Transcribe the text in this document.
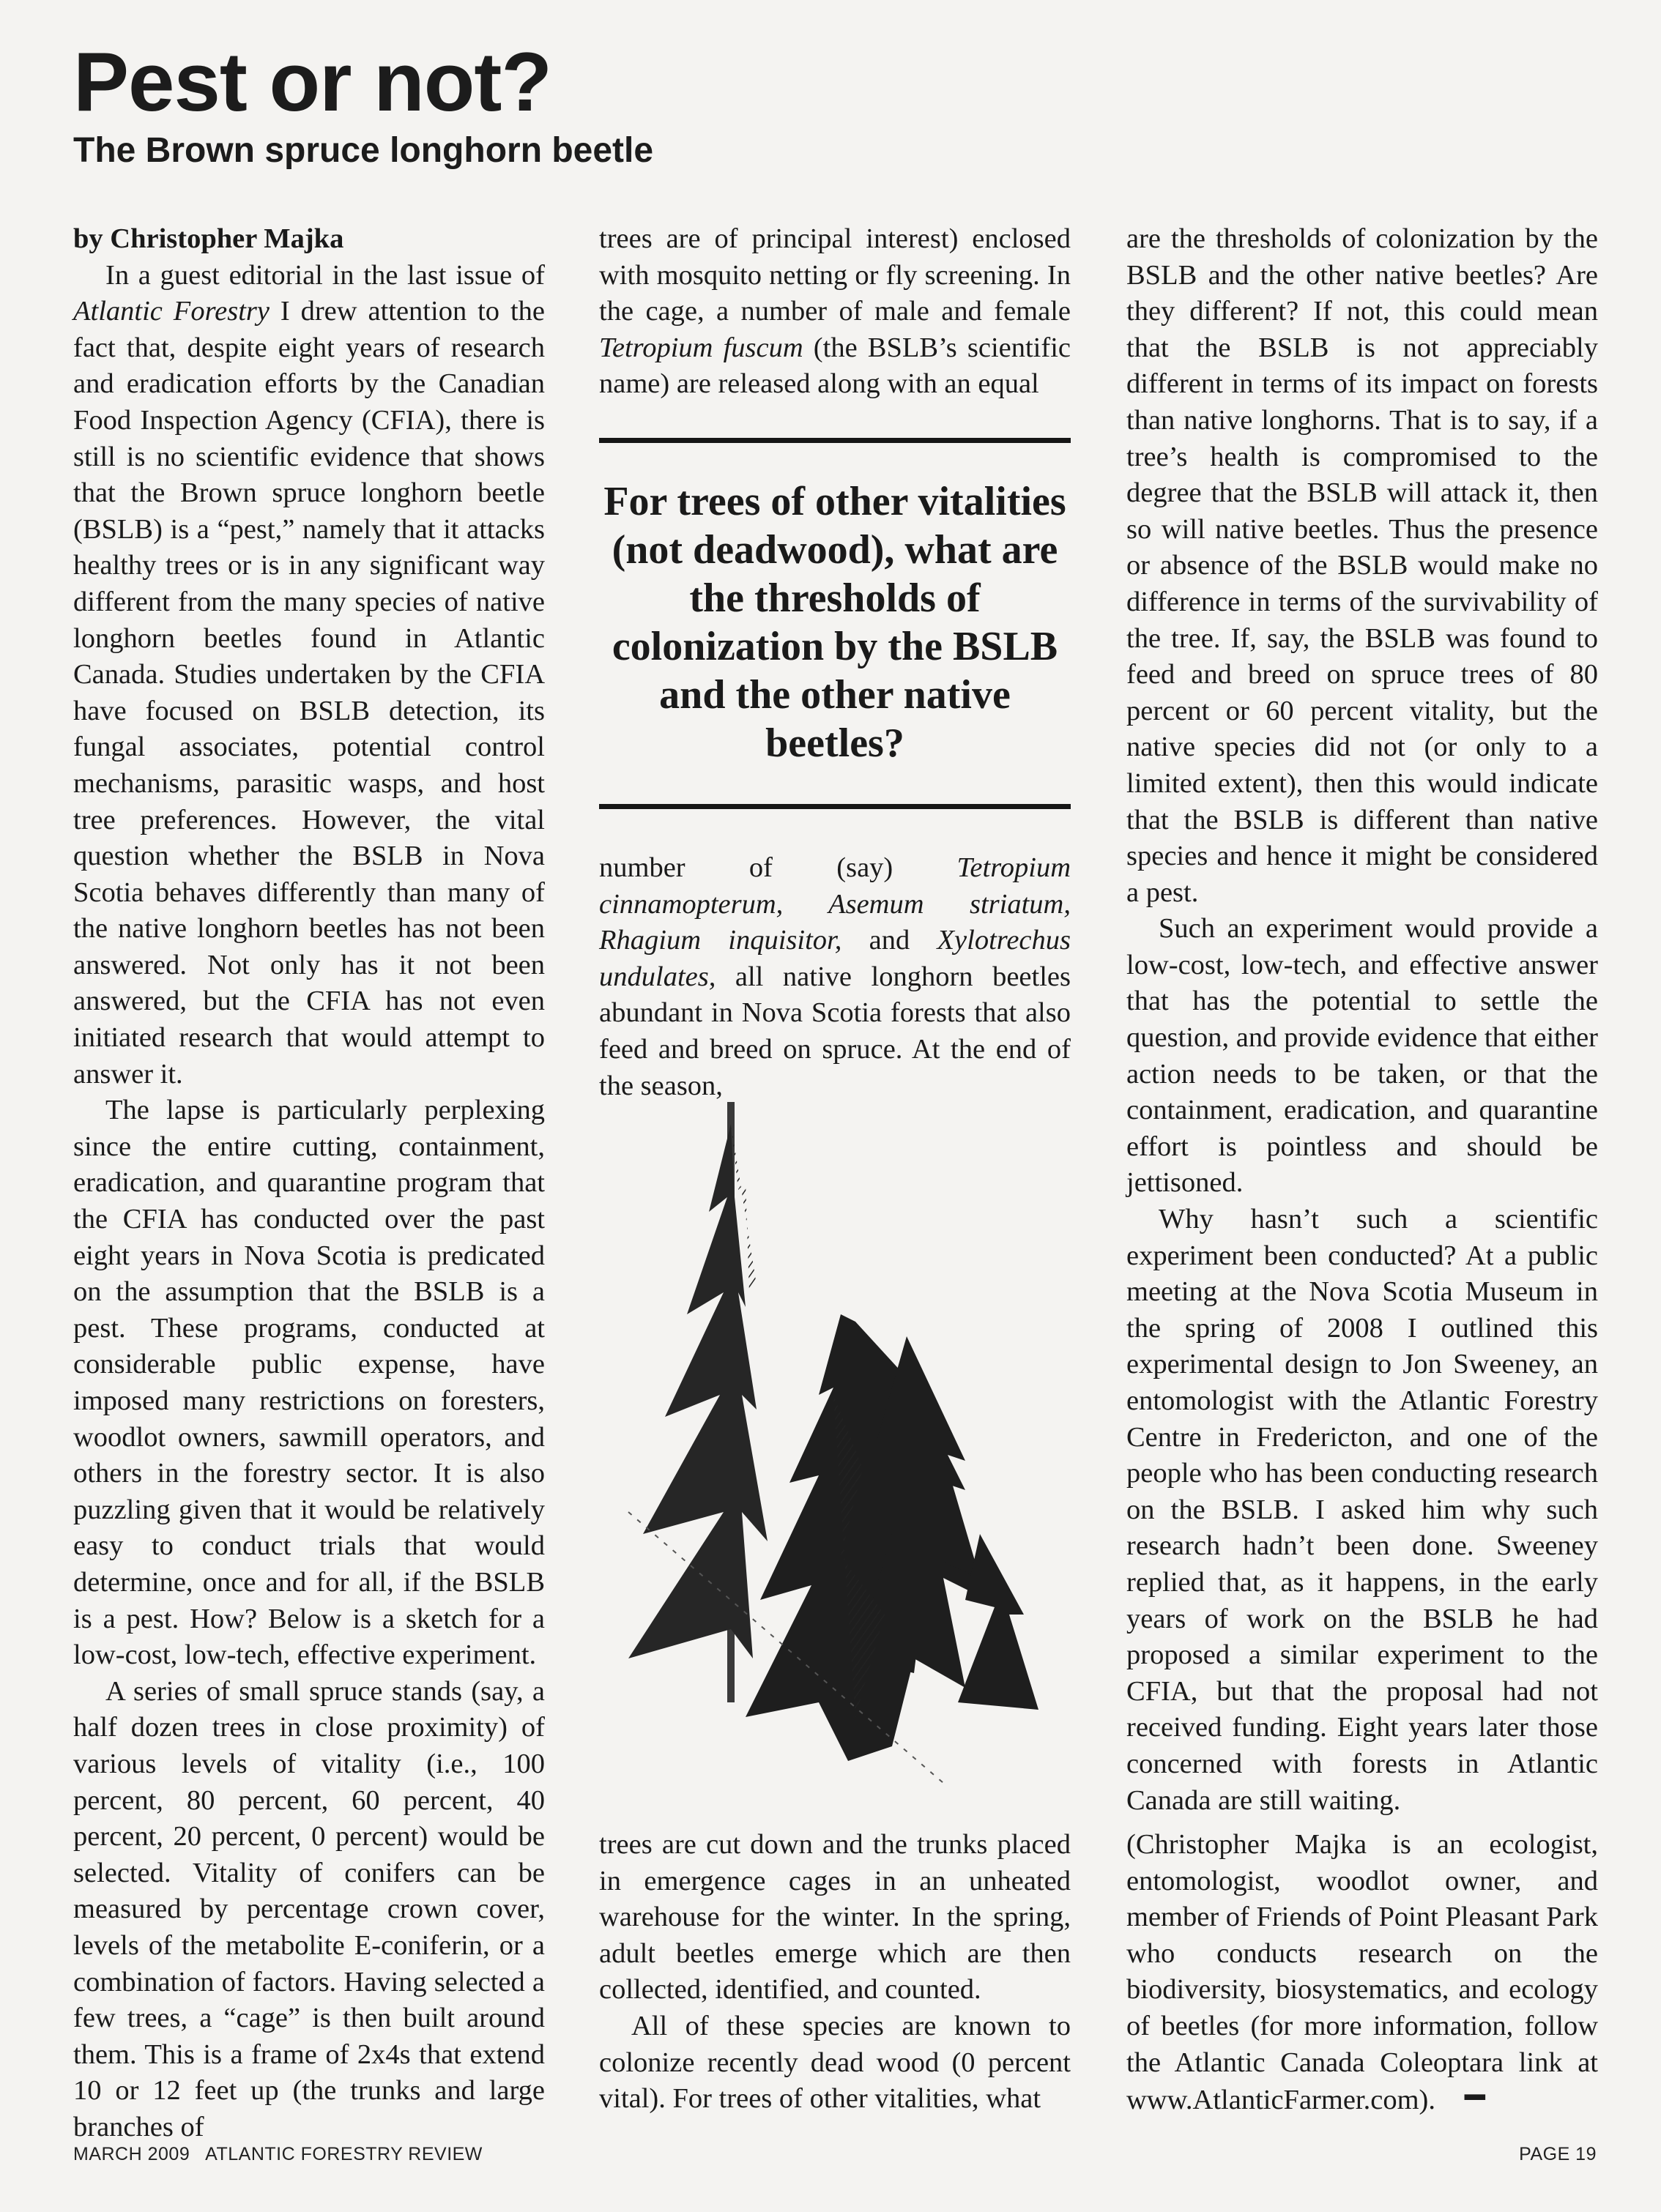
Pest or not?
The Brown spruce longhorn beetle

by Christopher Majka

In a guest editorial in the last issue of Atlantic Forestry I drew attention to the fact that, despite eight years of research and eradication efforts by the Canadian Food Inspection Agency (CFIA), there is still is no scientific evidence that shows that the Brown spruce longhorn beetle (BSLB) is a “pest,” namely that it attacks healthy trees or is in any significant way different from the many species of native longhorn beetles found in Atlantic Canada. Studies undertaken by the CFIA have focused on BSLB detection, its fungal associates, potential control mechanisms, parasitic wasps, and host tree preferences. However, the vital question whether the BSLB in Nova Scotia behaves differently than many of the native longhorn beetles has not been answered. Not only has it not been answered, but the CFIA has not even initiated research that would attempt to answer it.

The lapse is particularly perplexing since the entire cutting, containment, eradication, and quarantine program that the CFIA has conducted over the past eight years in Nova Scotia is predicated on the assumption that the BSLB is a pest. These programs, conducted at considerable public expense, have imposed many restrictions on foresters, woodlot owners, sawmill operators, and others in the forestry sector. It is also puzzling given that it would be relatively easy to conduct trials that would determine, once and for all, if the BSLB is a pest. How? Below is a sketch for a low-cost, low-tech, effective experiment.

A series of small spruce stands (say, a half dozen trees in close proximity) of various levels of vitality (i.e., 100 percent, 80 percent, 60 percent, 40 percent, 20 percent, 0 percent) would be selected. Vitality of conifers can be measured by percentage crown cover, levels of the metabolite E-coniferin, or a combination of factors. Having selected a few trees, a “cage” is then built around them. This is a frame of 2x4s that extend 10 or 12 feet up (the trunks and large branches of

trees are of principal interest) enclosed with mosquito netting or fly screening. In the cage, a number of male and female Tetropium fuscum (the BSLB’s scientific name) are released along with an equal

For trees of other vitalities (not deadwood), what are the thresholds of colonization by the BSLB and the other native beetles?

number of (say) Tetropium cinnamopterum, Asemum striatum, Rhagium inquisitor, and Xylotrechus undulates, all native longhorn beetles abundant in Nova Scotia forests that also feed and breed on spruce. At the end of the season,

trees are cut down and the trunks placed in emergence cages in an unheated warehouse for the winter. In the spring, adult beetles emerge which are then collected, identified, and counted.

All of these species are known to colonize recently dead wood (0 percent vital). For trees of other vitalities, what

are the thresholds of colonization by the BSLB and the other native beetles? Are they different? If not, this could mean that the BSLB is not appreciably different in terms of its impact on forests than native longhorns. That is to say, if a tree’s health is compromised to the degree that the BSLB will attack it, then so will native beetles. Thus the presence or absence of the BSLB would make no difference in terms of the survivability of the tree. If, say, the BSLB was found to feed and breed on spruce trees of 80 percent or 60 percent vitality, but the native species did not (or only to a limited extent), then this would indicate that the BSLB is different than native species and hence it might be considered a pest.

Such an experiment would provide a low-cost, low-tech, and effective answer that has the potential to settle the question, and provide evidence that either action needs to be taken, or that the containment, eradication, and quarantine effort is pointless and should be jettisoned.

Why hasn’t such a scientific experiment been conducted? At a public meeting at the Nova Scotia Museum in the spring of 2008 I outlined this experimental design to Jon Sweeney, an entomologist with the Atlantic Forestry Centre in Fredericton, and one of the people who has been conducting research on the BSLB. I asked him why such research hadn’t been done. Sweeney replied that, as it happens, in the early years of work on the BSLB he had proposed a similar experiment to the CFIA, but that the proposal had not received funding. Eight years later those concerned with forests in Atlantic Canada are still waiting.

(Christopher Majka is an ecologist, entomologist, woodlot owner, and member of Friends of Point Pleasant Park who conducts research on the biodiversity, biosystematics, and ecology of beetles (for more information, follow the Atlantic Canada Coleoptara link at www.AtlanticFarmer.com). ━

MARCH 2009   ATLANTIC FORESTRY REVIEW	PAGE 19
